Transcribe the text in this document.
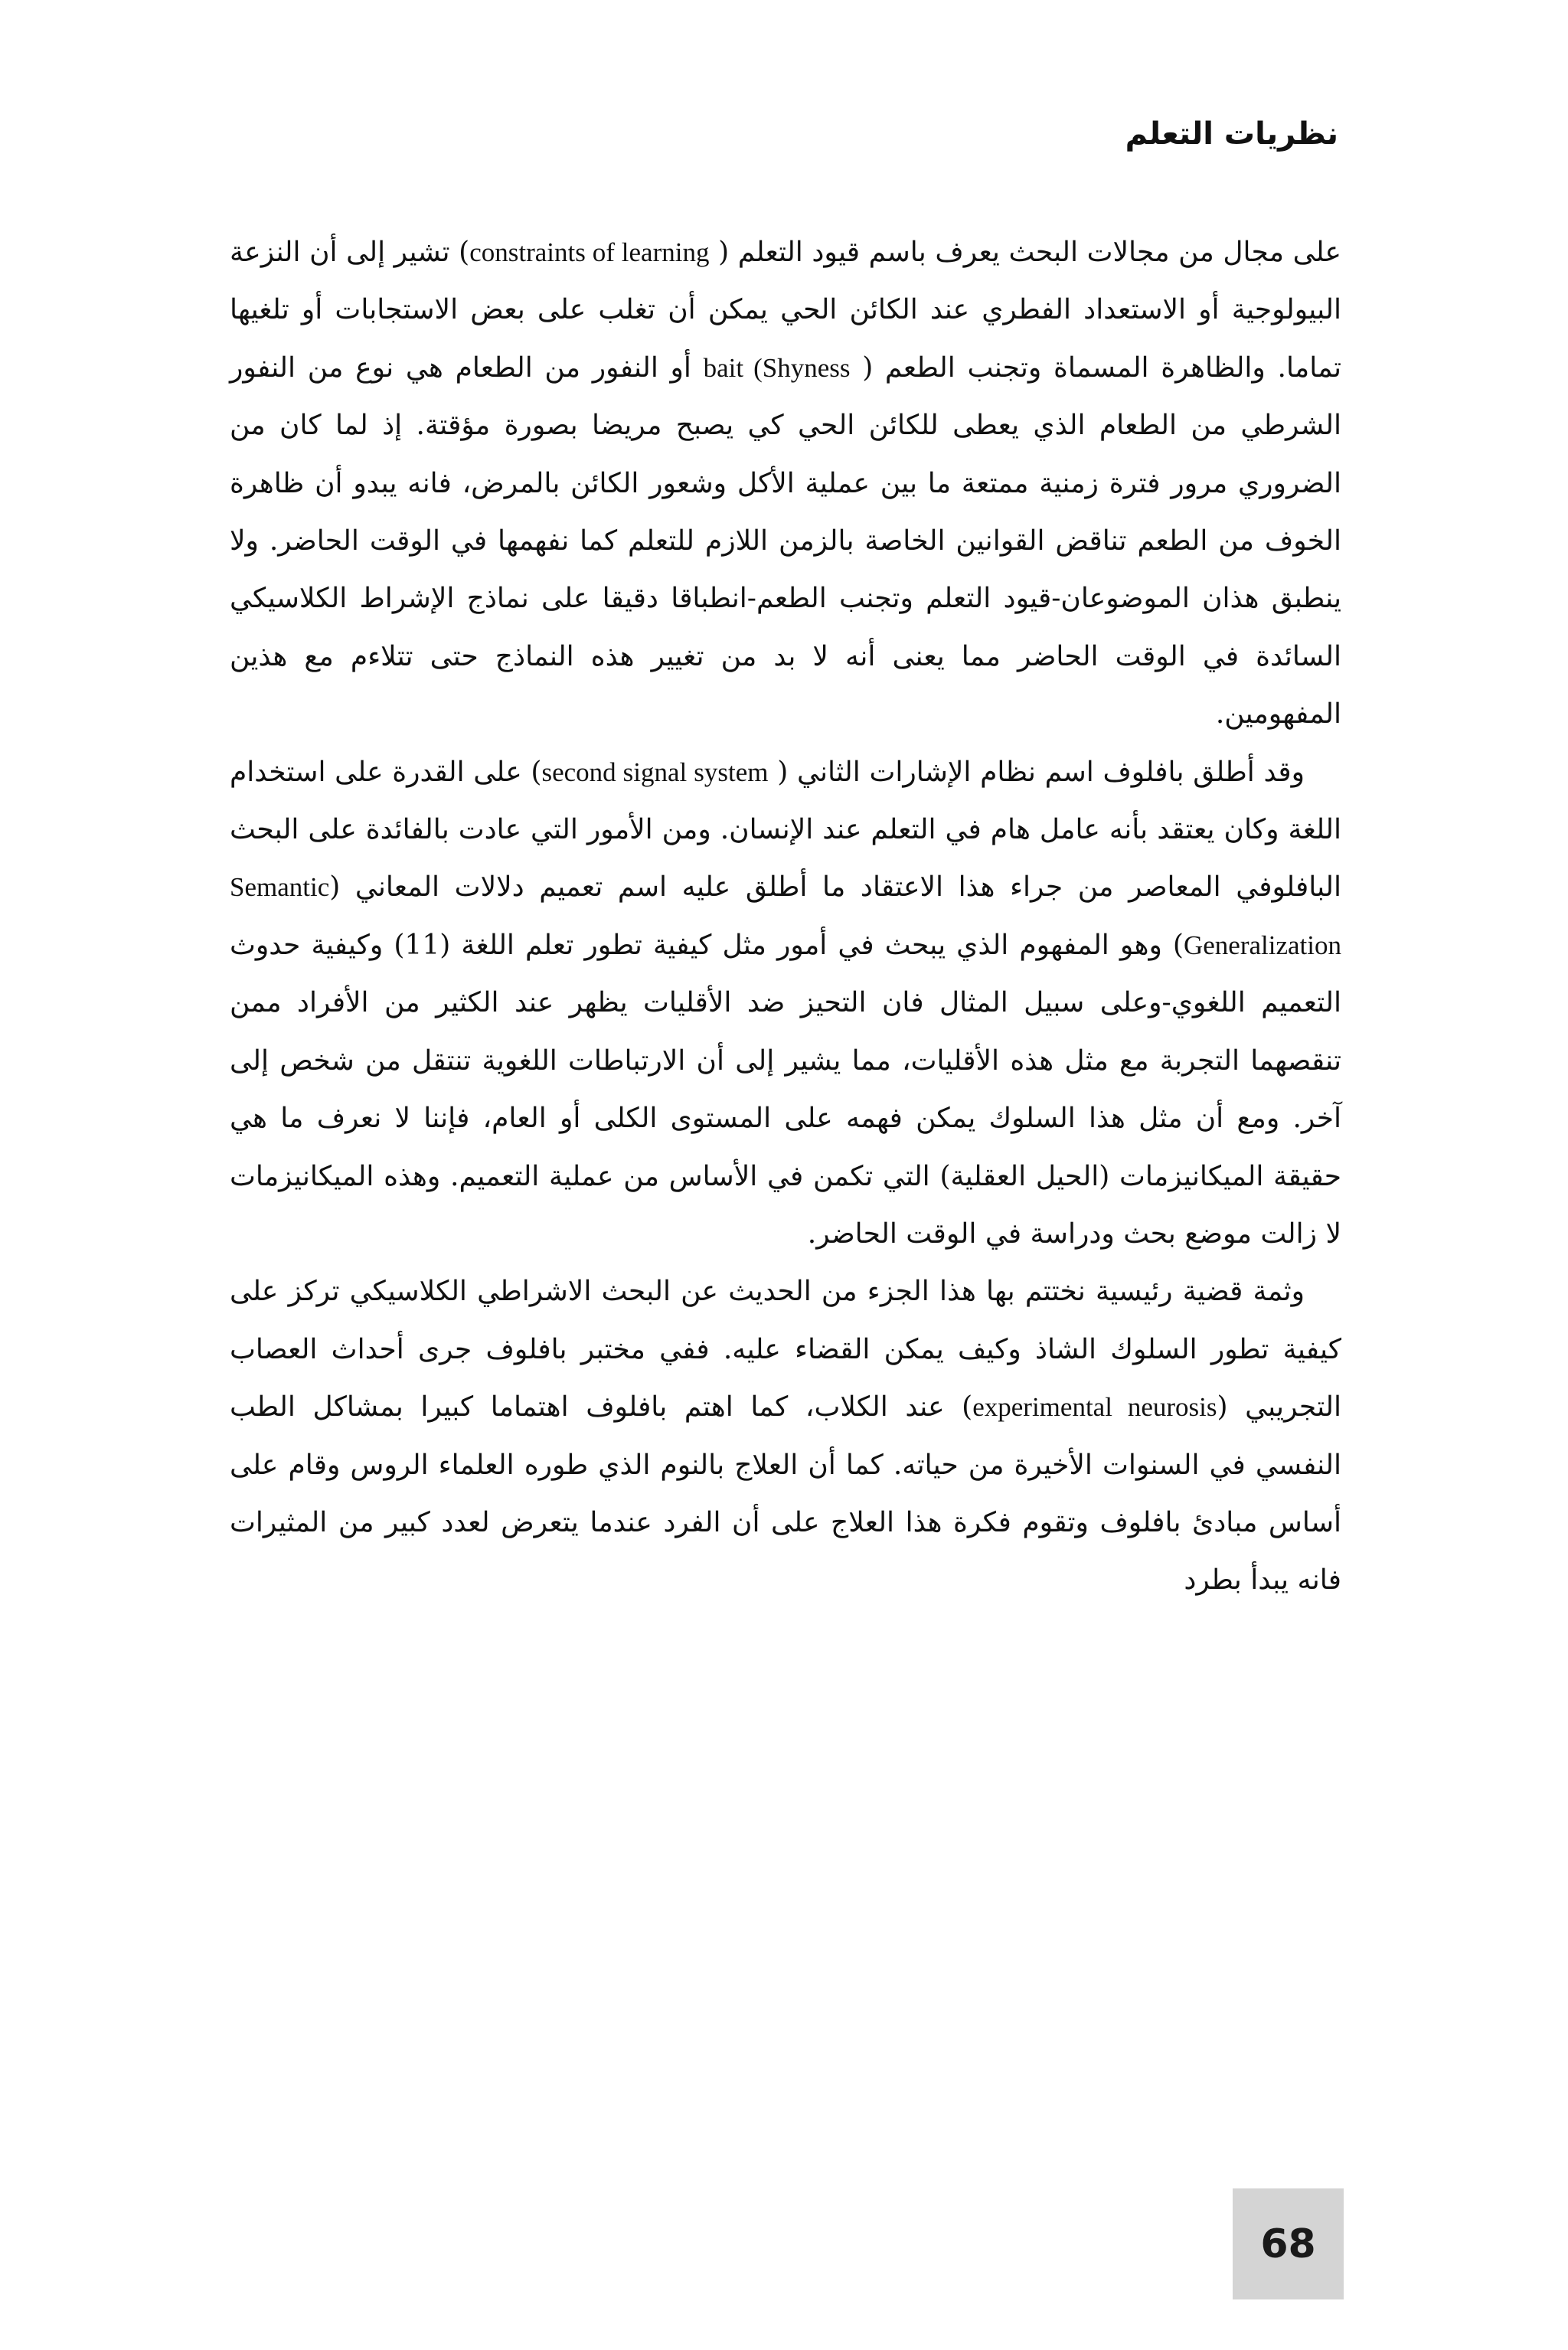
نظريات التعلم

على مجال من مجالات البحث يعرف باسم قيود التعلم ( constraints of learning) تشير إلى أن النزعة البيولوجية أو الاستعداد الفطري عند الكائن الحي يمكن أن تغلب على بعض الاستجابات أو تلغيها تماما. والظاهرة المسماة وتجنب الطعم ( bait (Shyness أو النفور من الطعام هي نوع من النفور الشرطي من الطعام الذي يعطى للكائن الحي كي يصبح مريضا بصورة مؤقتة. إذ لما كان من الضروري مرور فترة زمنية ممتعة ما بين عملية الأكل وشعور الكائن بالمرض، فانه يبدو أن ظاهرة الخوف من الطعم تناقض القوانين الخاصة بالزمن اللازم للتعلم كما نفهمها في الوقت الحاضر. ولا ينطبق هذان الموضوعان-قيود التعلم وتجنب الطعم-انطباقا دقيقا على نماذج الإشراط الكلاسيكي السائدة في الوقت الحاضر مما يعنى أنه لا بد من تغيير هذه النماذج حتى تتلاءم مع هذين المفهومين.

وقد أطلق بافلوف اسم نظام الإشارات الثاني ( second signal system) على القدرة على استخدام اللغة وكان يعتقد بأنه عامل هام في التعلم عند الإنسان. ومن الأمور التي عادت بالفائدة على البحث البافلوفي المعاصر من جراء هذا الاعتقاد ما أطلق عليه اسم تعميم دلالات المعاني (Semantic Generalization) وهو المفهوم الذي يبحث في أمور مثل كيفية تطور تعلم اللغة (11) وكيفية حدوث التعميم اللغوي-وعلى سبيل المثال فان التحيز ضد الأقليات يظهر عند الكثير من الأفراد ممن تنقصهما التجربة مع مثل هذه الأقليات، مما يشير إلى أن الارتباطات اللغوية تنتقل من شخص إلى آخر. ومع أن مثل هذا السلوك يمكن فهمه على المستوى الكلى أو العام، فإننا لا نعرف ما هي حقيقة الميكانيزمات (الحيل العقلية) التي تكمن في الأساس من عملية التعميم. وهذه الميكانيزمات لا زالت موضع بحث ودراسة في الوقت الحاضر.

وثمة قضية رئيسية نختتم بها هذا الجزء من الحديث عن البحث الاشراطي الكلاسيكي تركز على كيفية تطور السلوك الشاذ وكيف يمكن القضاء عليه. ففي مختبر بافلوف جرى أحداث العصاب التجريبي (experimental neurosis) عند الكلاب، كما اهتم بافلوف اهتماما كبيرا بمشاكل الطب النفسي في السنوات الأخيرة من حياته. كما أن العلاج بالنوم الذي طوره العلماء الروس وقام على أساس مبادئ بافلوف وتقوم فكرة هذا العلاج على أن الفرد عندما يتعرض لعدد كبير من المثيرات فانه يبدأ بطرد

68
